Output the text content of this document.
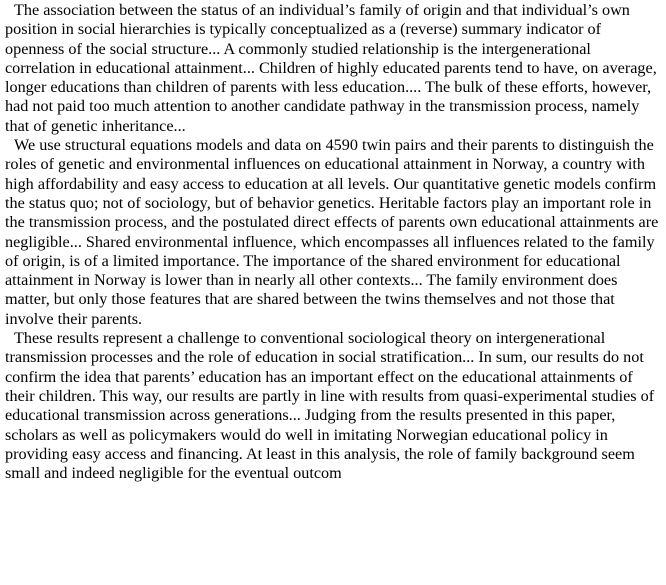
The association between the status of an individual’s family of origin and that individual’s own position in social hierarchies is typically conceptualized as a (reverse) summary indicator of openness of the social structure... A commonly studied relationship is the intergenerational correlation in educational attainment... Children of highly educated parents tend to have, on average, longer educations than children of parents with less education.... The bulk of these efforts, however, had not paid too much attention to another candidate pathway in the transmission process, namely that of genetic inheritance...

We use structural equations models and data on 4590 twin pairs and their parents to distinguish the roles of genetic and environmental influences on educational attainment in Norway, a country with high affordability and easy access to education at all levels. Our quantitative genetic models confirm the status quo; not of sociology, but of behavior genetics. Heritable factors play an important role in the transmission process, and the postulated direct effects of parents own educational attainments are negligible... Shared environmental influence, which encompasses all influences related to the family of origin, is of a limited importance. The importance of the shared environment for educational attainment in Norway is lower than in nearly all other contexts... The family environment does matter, but only those features that are shared between the twins themselves and not those that involve their parents.

These results represent a challenge to conventional sociological theory on intergenerational transmission processes and the role of education in social stratification... In sum, our results do not confirm the idea that parents’ education has an important effect on the educational attainments of their children. This way, our results are partly in line with results from quasi-experimental studies of educational transmission across generations... Judging from the results presented in this paper, scholars as well as policymakers would do well in imitating Norwegian educational policy in providing easy access and financing. At least in this analysis, the role of family background seem small and indeed negligible for the eventual outcom
